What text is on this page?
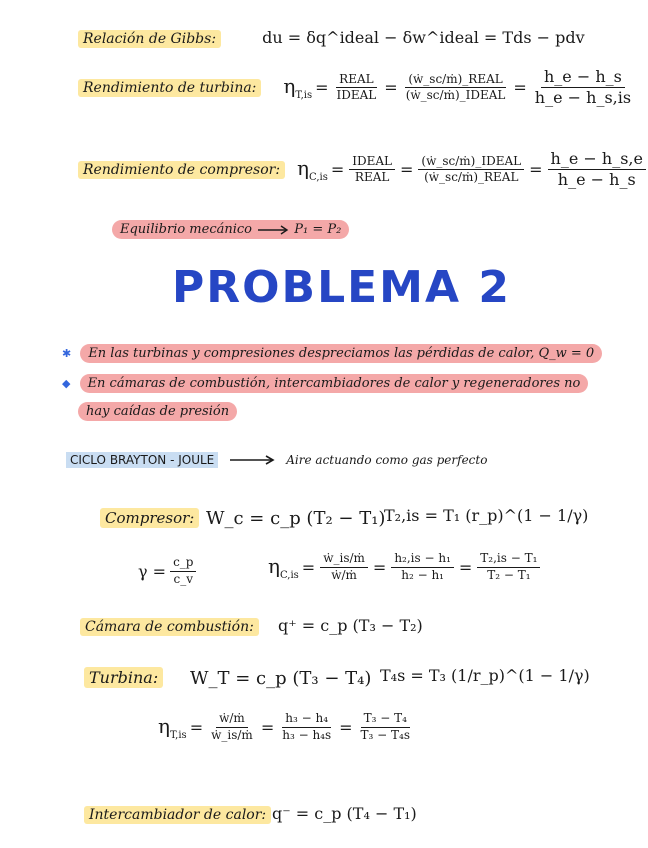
Relación de Gibbs:	du = δq^ideal − δw^ideal = Tds − pdv
Rendimiento de turbina: $\eta_{T,is} = \frac{\text{REAL}}{\text{IDEAL}} = \frac{\text{(ẇ\_sc/ṁ)\_REAL}}{\text{(ẇ\_sc/ṁ)\_IDEAL}} = \frac{h\_e - h\_s}{h\_e - h\_s,is}$
Rendimiento de compresor: $\eta_{C,is} = \frac{\text{IDEAL}}{\text{REAL}} = \frac{\text{(ẇ\_sc/ṁ)\_IDEAL}}{\text{(ẇ\_sc/ṁ)\_REAL}} = \frac{h\_e - h\_s,e}{h\_e - h\_s}$
Equilibrio mecánico	P₁ = P₂
PROBLEMA 2
✱ En las turbinas y compresiones despreciamos las pérdidas de calor, Q_w = 0
◆ En cámaras de combustión, intercambiadores de calor y regeneradores no
hay caídas de presión
CICLO BRAYTON - JOULE	Aire actuando como gas perfecto
Compresor: W_c = c_p (T₂ − T₁)
T₂,is = T₁ (r_p)^(1 − 1/γ)
$\gamma = \frac{c\_p}{c\_v}$	$\eta_{C,is} = \frac{\text{ẇ\_is/ṁ}}{\text{ẇ/ṁ}} = \frac{\text{h₂,is − h₁}}{\text{h₂ − h₁}} = \frac{\text{T₂,is − T₁}}{\text{T₂ − T₁}}$
Cámara de combustión:	q⁺ = c_p (T₃ − T₂)
Turbina: W_T = c_p (T₃ − T₄) T₄s = T₃ (1/r_p)^(1 − 1/γ)
$\eta_{T,is} = \frac{\text{ẇ/ṁ}}{\text{ẇ\_is/ṁ}} = \frac{\text{h₃ − h₄}}{\text{h₃ − h₄s}} = \frac{\text{T₃ − T₄}}{\text{T₃ − T₄s}}$
Intercambiador de calor: q⁻ = c_p (T₄ − T₁)
